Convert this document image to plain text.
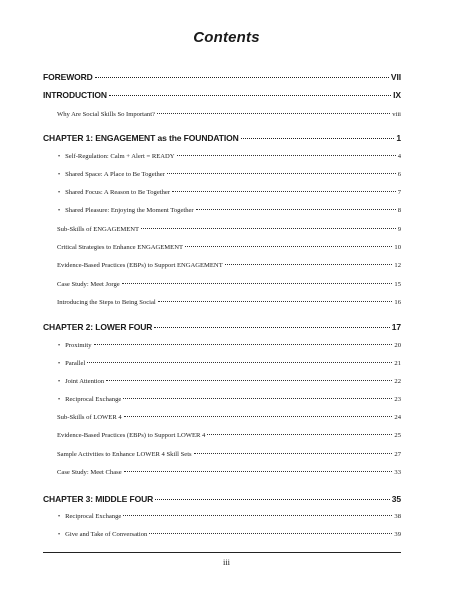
Contents
FOREWORD	VII
INTRODUCTION	IX
Why Are Social Skills So Important?	viii
CHAPTER 1: ENGAGEMENT as the FOUNDATION	1
• Self-Regulation: Calm + Alert = READY	4
• Shared Space: A Place to Be Together	6
• Shared Focus: A Reason to Be Together	7
• Shared Pleasure: Enjoying the Moment Together	8
Sub-Skills of ENGAGEMENT	9
Critical Strategies to Enhance ENGAGEMENT	10
Evidence-Based Practices (EBPs) to Support ENGAGEMENT	12
Case Study: Meet Jorge	15
Introducing the Steps to Being Social	16
CHAPTER 2: LOWER FOUR	17
• Proximity	20
• Parallel	21
• Joint Attention	22
• Reciprocal Exchange	23
Sub-Skills of LOWER 4	24
Evidence-Based Practices (EBPs) to Support LOWER 4	25
Sample Activities to Enhance LOWER 4 Skill Sets	27
Case Study: Meet Chase	33
CHAPTER 3: MIDDLE FOUR	35
• Reciprocal Exchange	38
• Give and Take of Conversation	39
iii
